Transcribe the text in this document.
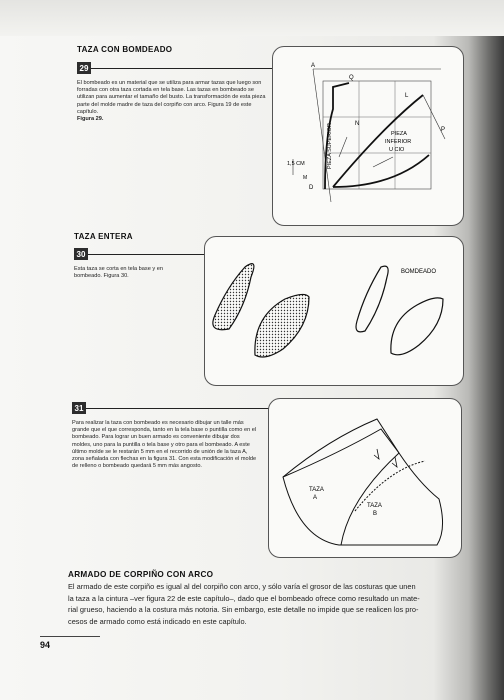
TAZA CON BOMDEADO
29
El bombeado es un material que se utiliza para armar tazas que luego son forradas con otra taza cortada en tela base. Las tazas en bombeado se utilizan para aumentar el tamaño del busto. La transformación de esta pieza parte del molde madre de taza del corpiño con arco. Figura 19 de este capítulo.
Figura 29.
A
Q
L
N
P
D
M
1,5 CM	PIEZA SUPERIOR	PIEZA
INFERIOR
U CIO
TAZA ENTERA
30
Esta taza se corta en tela base y en bombeado. Figura 30.
BOMDEADO
31
Para realizar la taza con bombeado es necesario dibujar un talle más grande que el que corresponda, tanto en la tela base o puntilla como en el bombeado. Para lograr un buen armado es conveniente dibujar dos moldes, uno para la puntilla o tela base y otro para el bombeado. A este último molde se le restarán 5 mm en el recorrido de unión de la taza A, zona señalada con flechas en la figura 31. Con esta modificación el molde de relleno o bombeado quedará 5 mm más angosto.
TAZA
A
TAZA
B
ARMADO DE CORPIÑO CON ARCO
El armado de este corpiño es igual al del corpiño con arco, y sólo varía el grosor de las costuras que unen
la taza a la cintura –ver figura 22 de este capítulo–, dado que el bombeado ofrece como resultado un mate-
rial grueso, haciendo a la costura más notoria. Sin embargo, este detalle no impide que se realicen los pro-
cesos de armado como está indicado en este capítulo.
94
